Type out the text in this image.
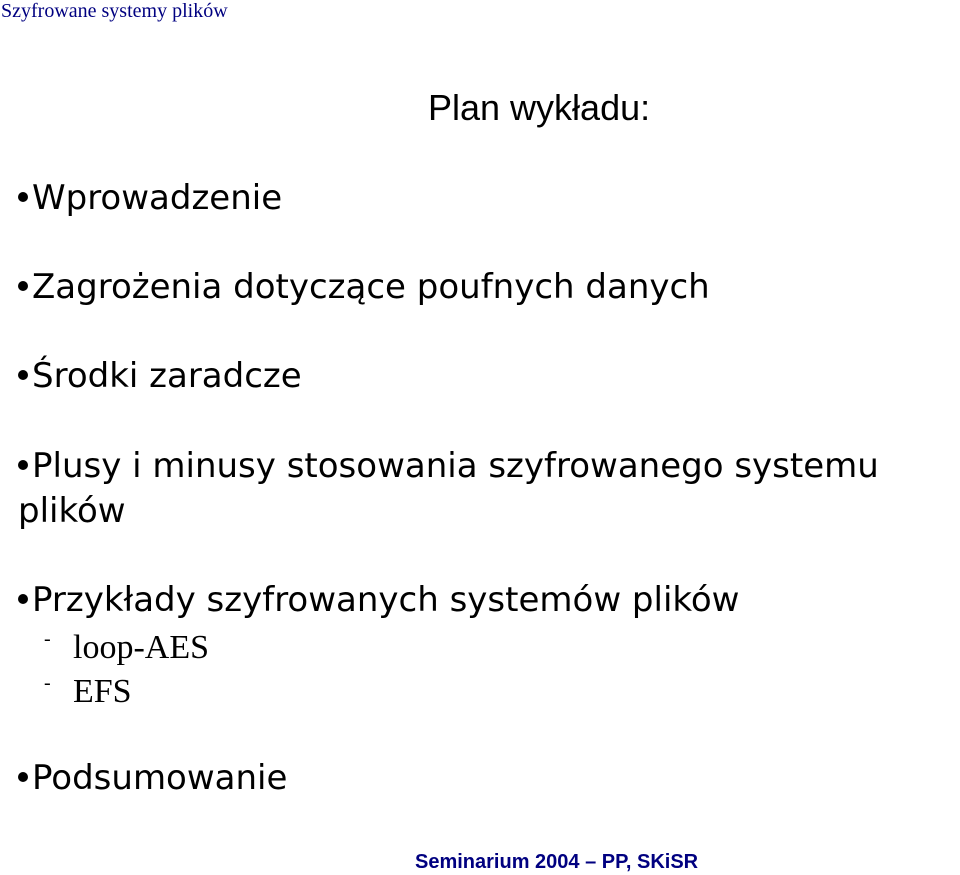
Szyfrowane systemy plików
Plan wykładu:
Wprowadzenie
Zagrożenia dotyczące poufnych danych
Środki zaradcze
Plusy i minusy stosowania szyfrowanego systemu plików
Przykłady szyfrowanych systemów plików
- loop-AES
- EFS
Podsumowanie
Seminarium 2004 – PP, SKiSR
